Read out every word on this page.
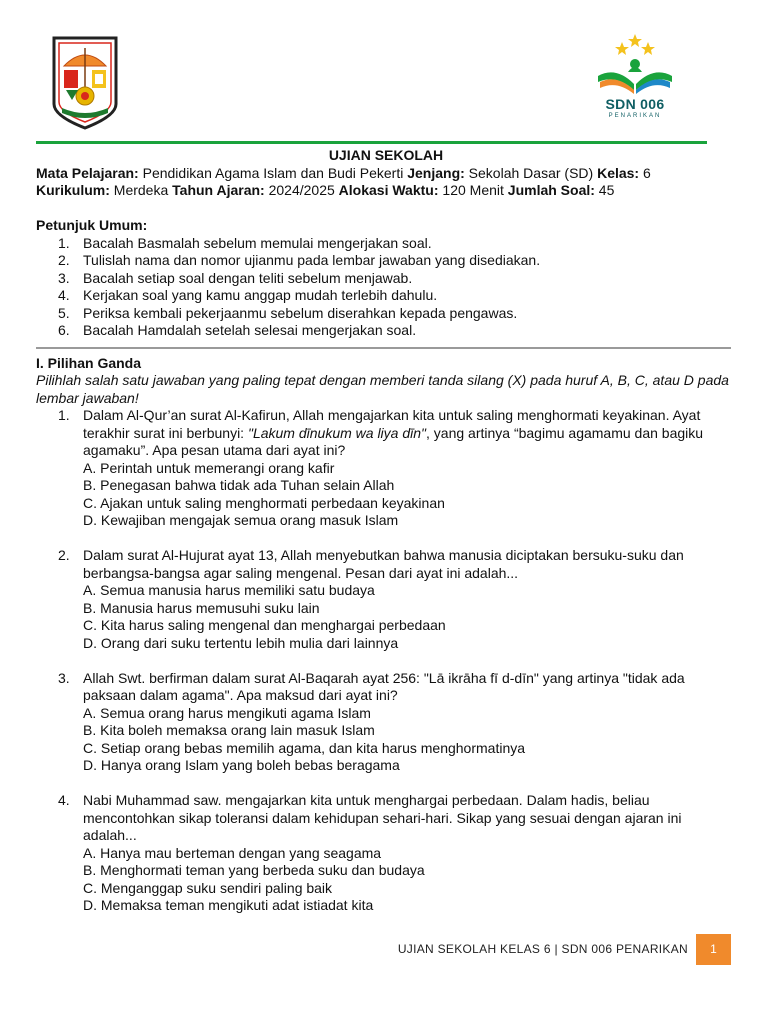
SDN 006
PENARIKAN
UJIAN SEKOLAH

Mata Pelajaran: Pendidikan Agama Islam dan Budi Pekerti Jenjang: Sekolah Dasar (SD) Kelas: 6

Kurikulum: Merdeka Tahun Ajaran: 2024/2025 Alokasi Waktu: 120 Menit Jumlah Soal: 45

Petunjuk Umum:

1. Bacalah Basmalah sebelum memulai mengerjakan soal.
2. Tulislah nama dan nomor ujianmu pada lembar jawaban yang disediakan.
3. Bacalah setiap soal dengan teliti sebelum menjawab.
4. Kerjakan soal yang kamu anggap mudah terlebih dahulu.
5. Periksa kembali pekerjaanmu sebelum diserahkan kepada pengawas.
6. Bacalah Hamdalah setelah selesai mengerjakan soal.

I. Pilihan Ganda

Pilihlah salah satu jawaban yang paling tepat dengan memberi tanda silang (X) pada huruf A, B, C, atau D pada lembar jawaban!

1. Dalam Al-Qur’an surat Al-Kafirun, Allah mengajarkan kita untuk saling menghormati keyakinan. Ayat terakhir surat ini berbunyi: "Lakum dīnukum wa liya dīn", yang artinya “bagimu agamamu dan bagiku agamaku”. Apa pesan utama dari ayat ini?
A. Perintah untuk memerangi orang kafir
B. Penegasan bahwa tidak ada Tuhan selain Allah
C. Ajakan untuk saling menghormati perbedaan keyakinan
D. Kewajiban mengajak semua orang masuk Islam
2. Dalam surat Al-Hujurat ayat 13, Allah menyebutkan bahwa manusia diciptakan bersuku-suku dan berbangsa-bangsa agar saling mengenal. Pesan dari ayat ini adalah...
A. Semua manusia harus memiliki satu budaya
B. Manusia harus memusuhi suku lain
C. Kita harus saling mengenal dan menghargai perbedaan
D. Orang dari suku tertentu lebih mulia dari lainnya
3. Allah Swt. berfirman dalam surat Al-Baqarah ayat 256: "Lā ikrāha fī d-dīn" yang artinya "tidak ada paksaan dalam agama". Apa maksud dari ayat ini?
A. Semua orang harus mengikuti agama Islam
B. Kita boleh memaksa orang lain masuk Islam
C. Setiap orang bebas memilih agama, dan kita harus menghormatinya
D. Hanya orang Islam yang boleh bebas beragama
4. Nabi Muhammad saw. mengajarkan kita untuk menghargai perbedaan. Dalam hadis, beliau mencontohkan sikap toleransi dalam kehidupan sehari-hari. Sikap yang sesuai dengan ajaran ini adalah...
A. Hanya mau berteman dengan yang seagama
B. Menghormati teman yang berbeda suku dan budaya
C. Menganggap suku sendiri paling baik
D. Memaksa teman mengikuti adat istiadat kita
UJIAN SEKOLAH KELAS 6 | SDN 006 PENARIKAN	1
